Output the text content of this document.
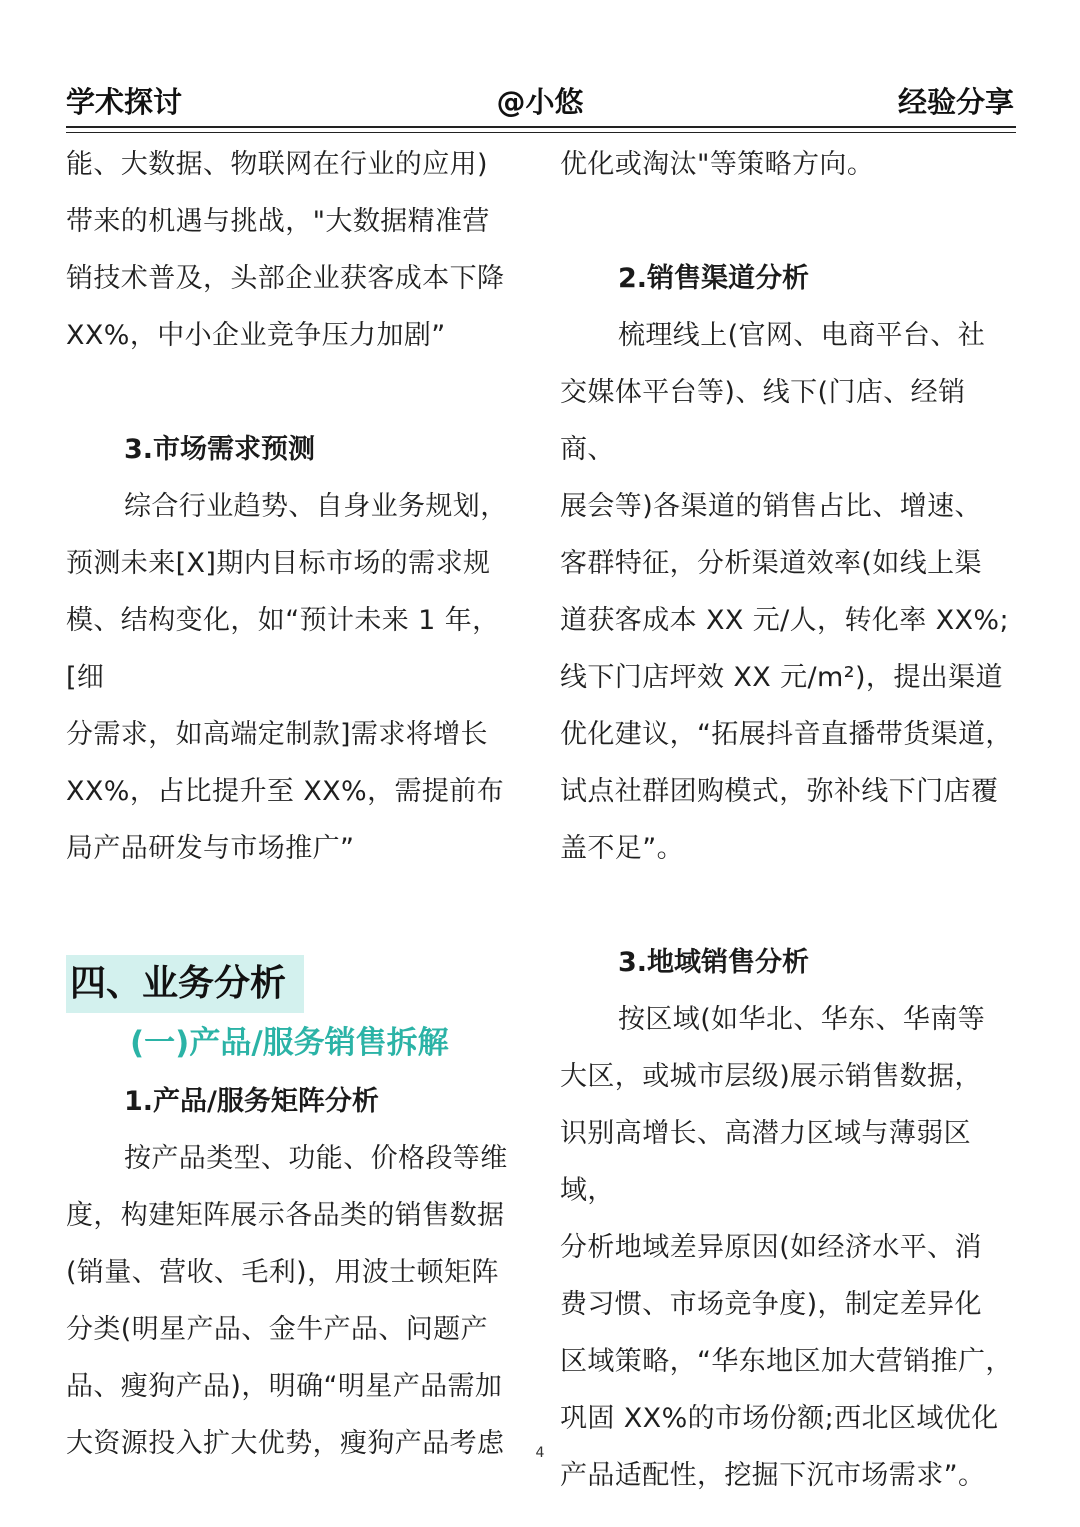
学术探讨	@小悠	经验分享

能、大数据、物联网在行业的应用)
带来的机遇与挑战，"大数据精准营
销技术普及，头部企业获客成本下降
XX%，中小企业竞争压力加剧”

3.市场需求预测

综合行业趋势、自身业务规划，
预测未来[X]期内目标市场的需求规
模、结构变化，如“预计未来 1 年，[细
分需求，如高端定制款]需求将增长
XX%，占比提升至 XX%，需提前布
局产品研发与市场推广”

四、业务分析

(一)产品/服务销售拆解

1.产品/服务矩阵分析

按产品类型、功能、价格段等维
度，构建矩阵展示各品类的销售数据
(销量、营收、毛利)，用波士顿矩阵
分类(明星产品、金牛产品、问题产
品、瘦狗产品)，明确“明星产品需加
大资源投入扩大优势，瘦狗产品考虑

优化或淘汰"等策略方向。

2.销售渠道分析

梳理线上(官网、电商平台、社
交媒体平台等)、线下(门店、经销商、
展会等)各渠道的销售占比、增速、
客群特征，分析渠道效率(如线上渠
道获客成本 XX 元/人，转化率 XX%;
线下门店坪效 XX 元/m²)，提出渠道
优化建议，“拓展抖音直播带货渠道，
试点社群团购模式，弥补线下门店覆
盖不足”。

3.地域销售分析

按区域(如华北、华东、华南等
大区，或城市层级)展示销售数据，
识别高增长、高潜力区域与薄弱区域，
分析地域差异原因(如经济水平、消
费习惯、市场竞争度)，制定差异化
区域策略，“华东地区加大营销推广，
巩固 XX%的市场份额;西北区域优化
产品适配性，挖掘下沉市场需求”。

4
